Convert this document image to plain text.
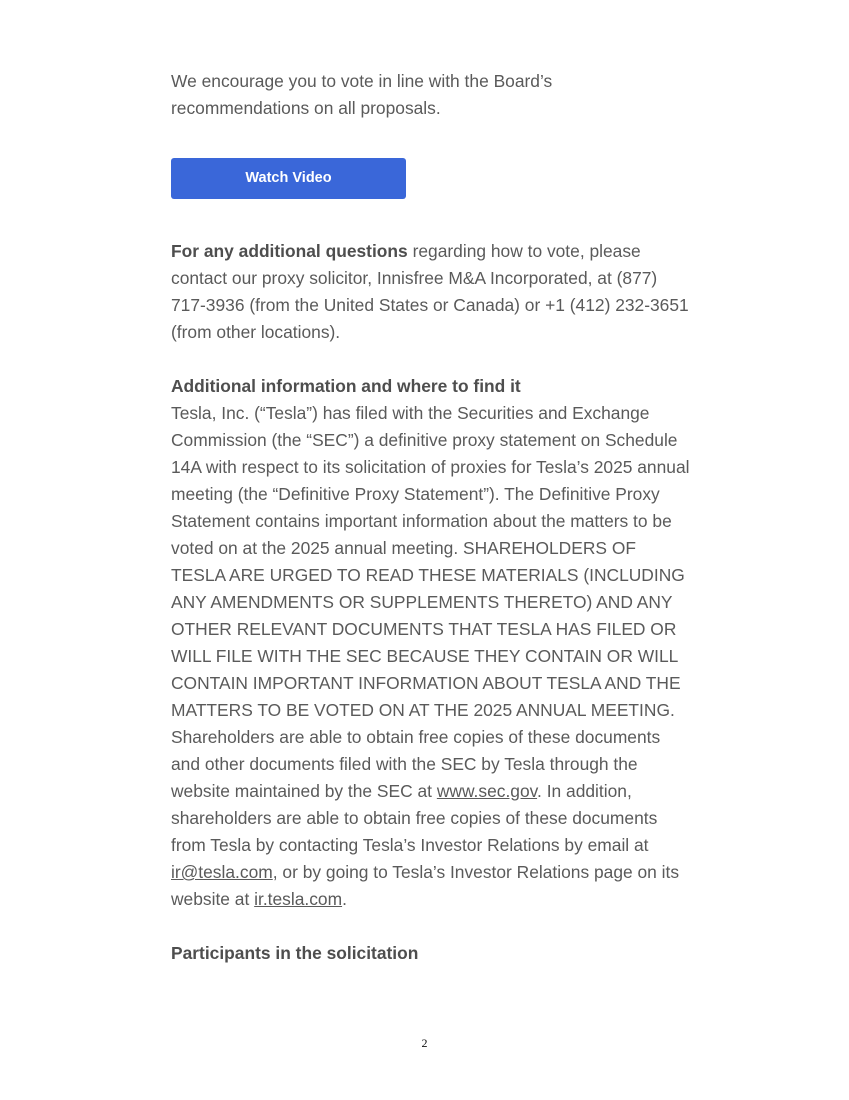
We encourage you to vote in line with the Board’s recommendations on all proposals.

Watch Video

For any additional questions regarding how to vote, please contact our proxy solicitor, Innisfree M&A Incorporated, at (877) 717-3936 (from the United States or Canada) or +1 (412) 232-3651 (from other locations).

Additional information and where to find it

Tesla, Inc. (“Tesla”) has filed with the Securities and Exchange Commission (the “SEC”) a definitive proxy statement on Schedule 14A with respect to its solicitation of proxies for Tesla’s 2025 annual meeting (the “Definitive Proxy Statement”). The Definitive Proxy Statement contains important information about the matters to be voted on at the 2025 annual meeting. SHAREHOLDERS OF TESLA ARE URGED TO READ THESE MATERIALS (INCLUDING ANY AMENDMENTS OR SUPPLEMENTS THERETO) AND ANY OTHER RELEVANT DOCUMENTS THAT TESLA HAS FILED OR WILL FILE WITH THE SEC BECAUSE THEY CONTAIN OR WILL CONTAIN IMPORTANT INFORMATION ABOUT TESLA AND THE MATTERS TO BE VOTED ON AT THE 2025 ANNUAL MEETING. Shareholders are able to obtain free copies of these documents and other documents filed with the SEC by Tesla through the website maintained by the SEC at www.sec.gov. In addition, shareholders are able to obtain free copies of these documents from Tesla by contacting Tesla’s Investor Relations by email at ir@tesla.com, or by going to Tesla’s Investor Relations page on its website at ir.tesla.com.

Participants in the solicitation

2
